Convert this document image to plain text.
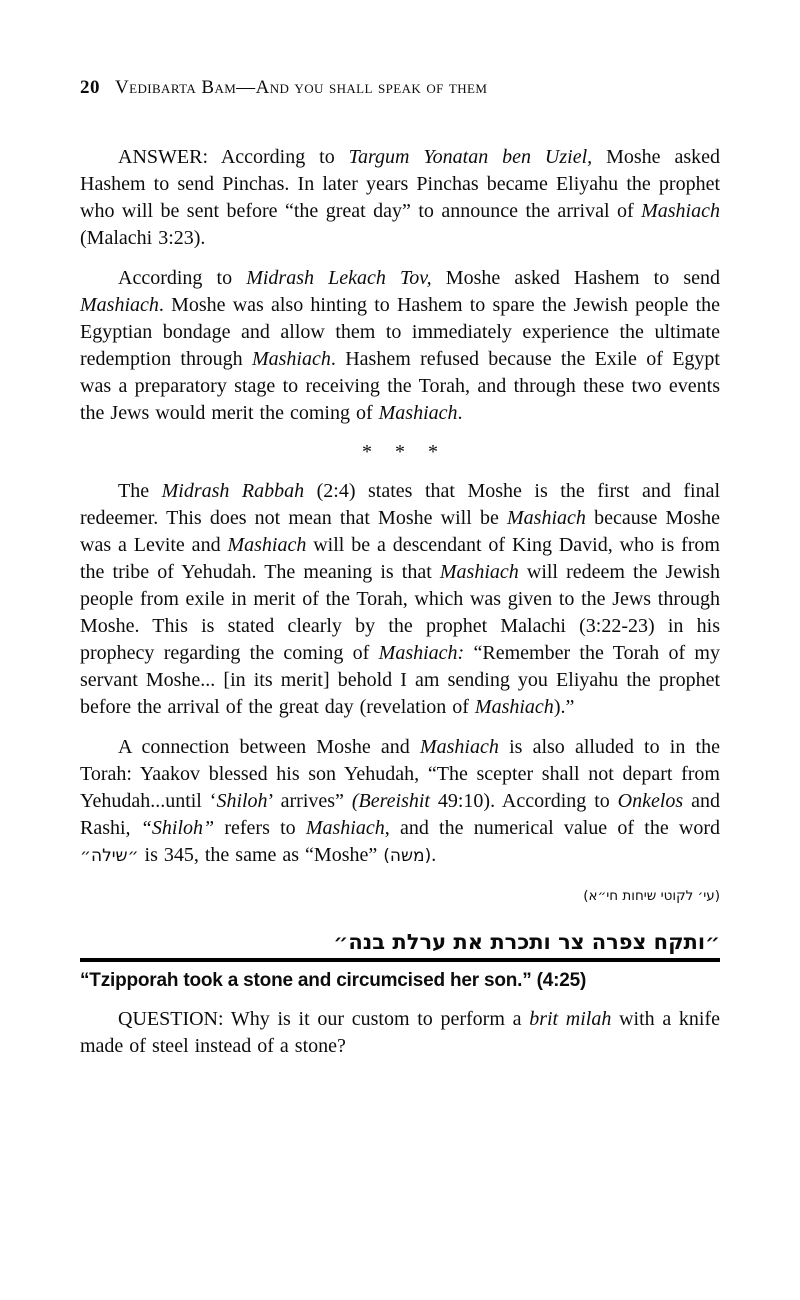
20 Vedibarta Bam—And you shall speak of them

ANSWER: According to Targum Yonatan ben Uziel, Moshe asked Hashem to send Pinchas. In later years Pinchas became Eliyahu the prophet who will be sent before “the great day” to announce the arrival of Mashiach (Malachi 3:23).

According to Midrash Lekach Tov, Moshe asked Hashem to send Mashiach. Moshe was also hinting to Hashem to spare the Jewish people the Egyptian bondage and allow them to immediately experience the ultimate redemption through Mashiach. Hashem refused because the Exile of Egypt was a preparatory stage to receiving the Torah, and through these two events the Jews would merit the coming of Mashiach.

* * *

The Midrash Rabbah (2:4) states that Moshe is the first and final redeemer. This does not mean that Moshe will be Mashiach because Moshe was a Levite and Mashiach will be a descendant of King David, who is from the tribe of Yehudah. The meaning is that Mashiach will redeem the Jewish people from exile in merit of the Torah, which was given to the Jews through Moshe. This is stated clearly by the prophet Malachi (3:22-23) in his prophecy regarding the coming of Mashiach: “Remember the Torah of my servant Moshe... [in its merit] behold I am sending you Eliyahu the prophet before the arrival of the great day (revelation of Mashiach).”

A connection between Moshe and Mashiach is also alluded to in the Torah: Yaakov blessed his son Yehudah, “The scepter shall not depart from Yehudah...until ‘Shiloh’ arrives” (Bereishit 49:10). According to Onkelos and Rashi, “Shiloh” refers to Mashiach, and the numerical value of the word ״שילה״ is 345, the same as “Moshe” (משה).

(עי׳ לקוטי שיחות חי״א)
״ותקח צפרה צר ותכרת את ערלת בנה״
“Tzipporah took a stone and circumcised her son.” (4:25)

QUESTION: Why is it our custom to perform a brit milah with a knife made of steel instead of a stone?
